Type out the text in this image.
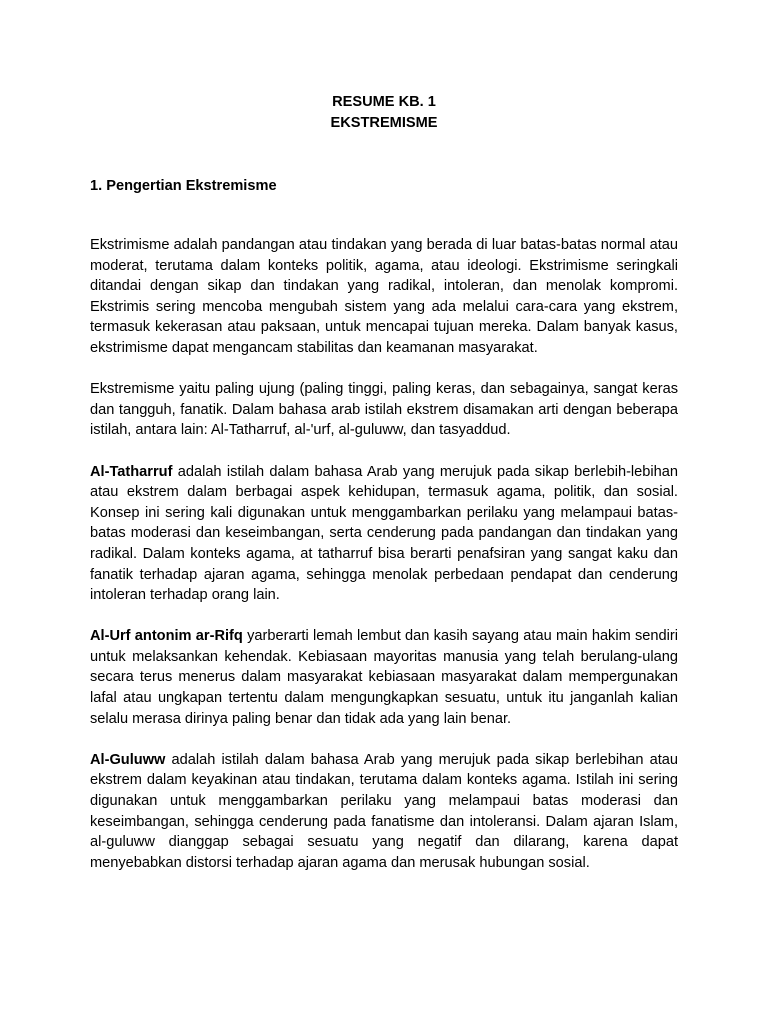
RESUME KB. 1
EKSTREMISME

1. Pengertian Ekstremisme

Ekstrimisme adalah pandangan atau tindakan yang berada di luar batas-batas normal atau moderat, terutama dalam konteks politik, agama, atau ideologi. Ekstrimisme seringkali ditandai dengan sikap dan tindakan yang radikal, intoleran, dan menolak kompromi. Ekstrimis sering mencoba mengubah sistem yang ada melalui cara-cara yang ekstrem, termasuk kekerasan atau paksaan, untuk mencapai tujuan mereka. Dalam banyak kasus, ekstrimisme dapat mengancam stabilitas dan keamanan masyarakat.

Ekstremisme yaitu paling ujung (paling tinggi, paling keras, dan sebagainya, sangat keras dan tangguh, fanatik. Dalam bahasa arab istilah ekstrem disamakan arti dengan beberapa istilah, antara lain: Al-Tatharruf, al-'urf, al-guluww, dan tasyaddud.

Al-Tatharruf adalah istilah dalam bahasa Arab yang merujuk pada sikap berlebih-lebihan atau ekstrem dalam berbagai aspek kehidupan, termasuk agama, politik, dan sosial. Konsep ini sering kali digunakan untuk menggambarkan perilaku yang melampaui batas-batas moderasi dan keseimbangan, serta cenderung pada pandangan dan tindakan yang radikal. Dalam konteks agama, at tatharruf bisa berarti penafsiran yang sangat kaku dan fanatik terhadap ajaran agama, sehingga menolak perbedaan pendapat dan cenderung intoleran terhadap orang lain.

Al-Urf antonim ar-Rifq yarberarti lemah lembut dan kasih sayang atau main hakim sendiri untuk melaksankan kehendak. Kebiasaan mayoritas manusia yang telah berulang-ulang secara terus menerus dalam masyarakat kebiasaan masyarakat dalam mempergunakan lafal atau ungkapan tertentu dalam mengungkapkan sesuatu, untuk itu janganlah kalian selalu merasa dirinya paling benar dan tidak ada yang lain benar.

Al-Guluww adalah istilah dalam bahasa Arab yang merujuk pada sikap berlebihan atau ekstrem dalam keyakinan atau tindakan, terutama dalam konteks agama. Istilah ini sering digunakan untuk menggambarkan perilaku yang melampaui batas moderasi dan keseimbangan, sehingga cenderung pada fanatisme dan intoleransi. Dalam ajaran Islam, al-guluww dianggap sebagai sesuatu yang negatif dan dilarang, karena dapat menyebabkan distorsi terhadap ajaran agama dan merusak hubungan sosial.
